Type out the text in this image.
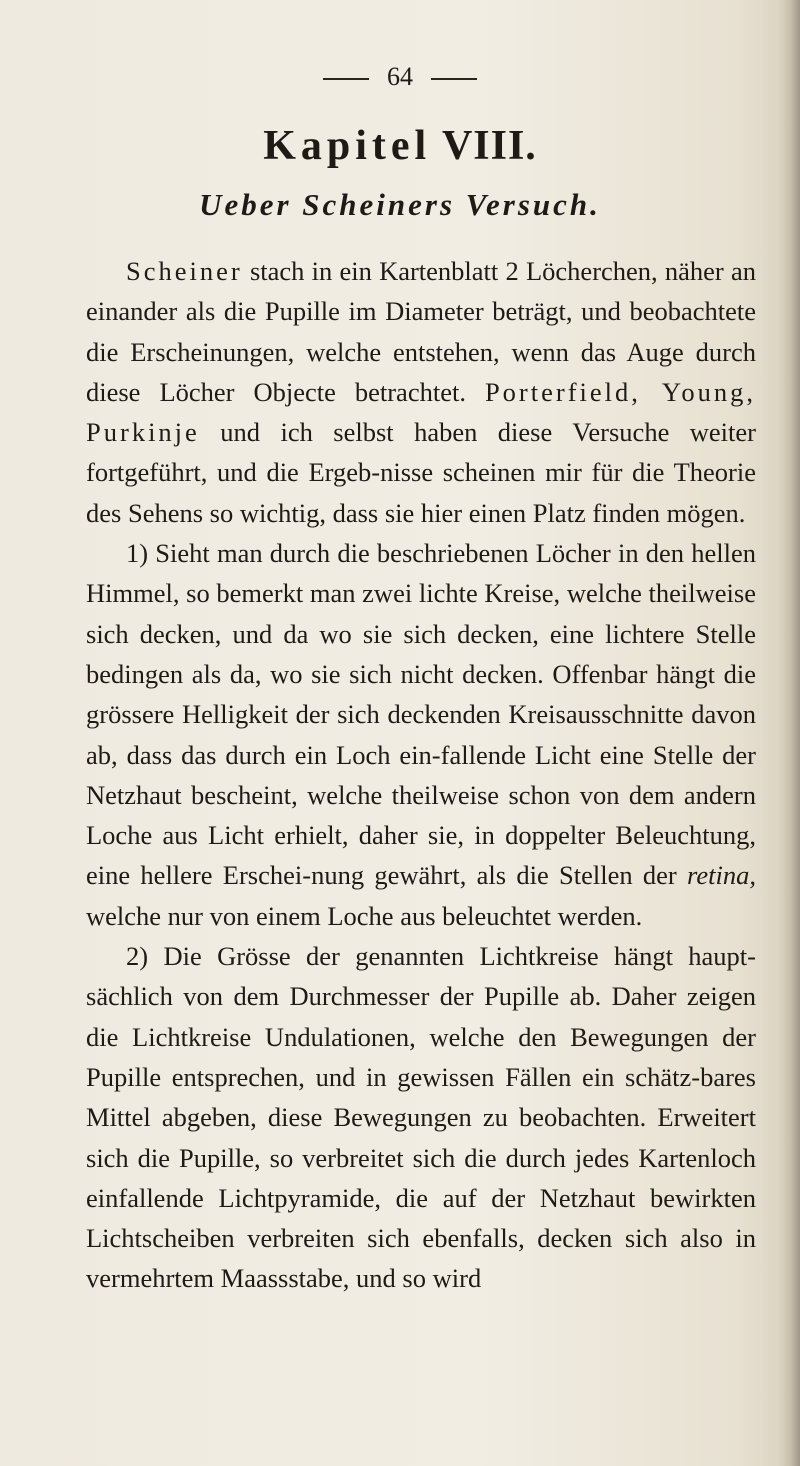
64
Kapitel VIII.
Ueber Scheiners Versuch.

Scheiner stach in ein Kartenblatt 2 Löcherchen, näher an einander als die Pupille im Diameter beträgt, und beobachtete die Erscheinungen, welche entstehen, wenn das Auge durch diese Löcher Objecte betrachtet. Porterfield, Young, Purkinje und ich selbst haben diese Versuche weiter fortgeführt, und die Ergeb-nisse scheinen mir für die Theorie des Sehens so wichtig, dass sie hier einen Platz finden mögen.

1) Sieht man durch die beschriebenen Löcher in den hellen Himmel, so bemerkt man zwei lichte Kreise, welche theilweise sich decken, und da wo sie sich decken, eine lichtere Stelle bedingen als da, wo sie sich nicht decken. Offenbar hängt die grössere Helligkeit der sich deckenden Kreisausschnitte davon ab, dass das durch ein Loch ein-fallende Licht eine Stelle der Netzhaut bescheint, welche theilweise schon von dem andern Loche aus Licht erhielt, daher sie, in doppelter Beleuchtung, eine hellere Erschei-nung gewährt, als die Stellen der retina, welche nur von einem Loche aus beleuchtet werden.

2) Die Grösse der genannten Lichtkreise hängt haupt-sächlich von dem Durchmesser der Pupille ab. Daher zeigen die Lichtkreise Undulationen, welche den Bewegungen der Pupille entsprechen, und in gewissen Fällen ein schätz-bares Mittel abgeben, diese Bewegungen zu beobachten. Erweitert sich die Pupille, so verbreitet sich die durch jedes Kartenloch einfallende Lichtpyramide, die auf der Netzhaut bewirkten Lichtscheiben verbreiten sich ebenfalls, decken sich also in vermehrtem Maassstabe, und so wird
